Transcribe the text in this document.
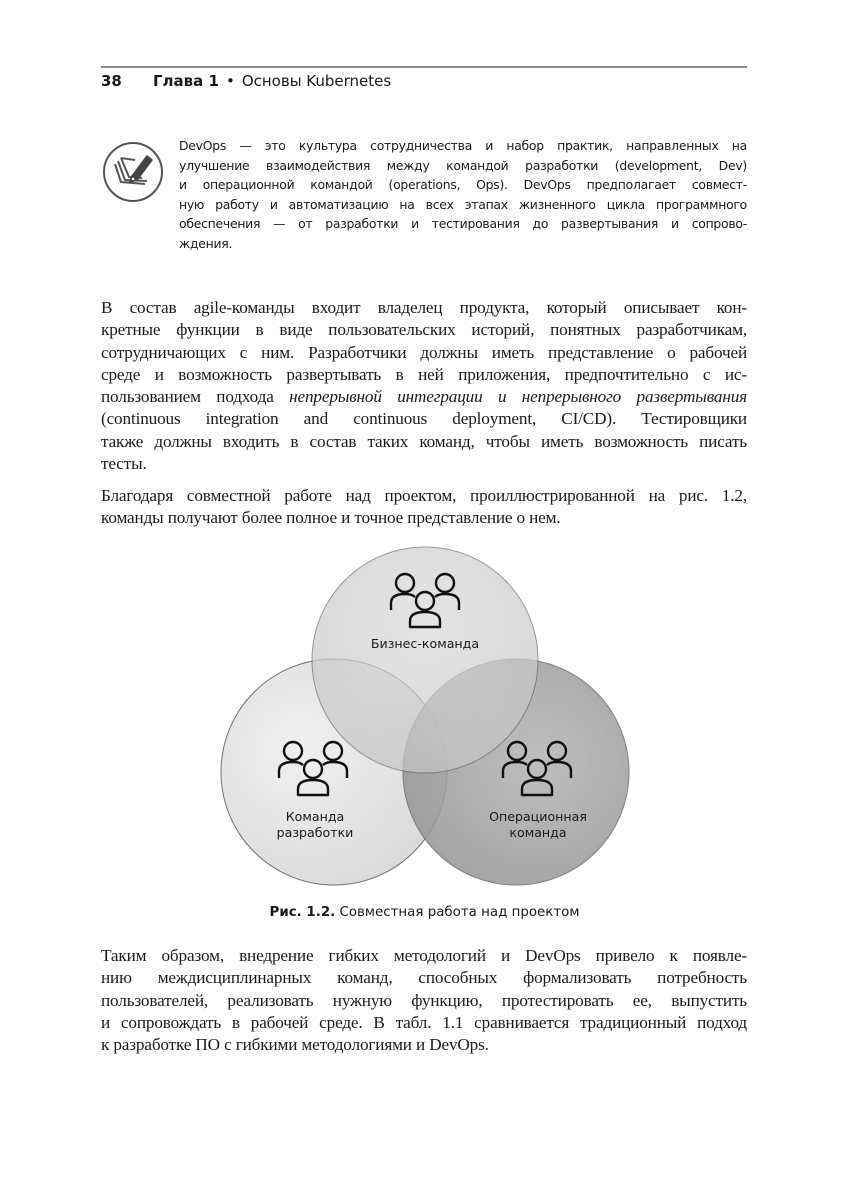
38 Глава 1 • Основы Kubernetes
DevOps — это культура сотрудничества и набор практик, направленных на
улучшение взаимодействия между командой разработки (development, Dev)
и операционной командой (operations, Ops). DevOps предполагает совмест-
ную работу и автоматизацию на всех этапах жизненного цикла программного
обеспечения — от разработки и тестирования до развертывания и сопрово-
ждения.
В состав agile-команды входит владелец продукта, который описывает кон-
кретные функции в виде пользовательских историй, понятных разработчикам,
сотрудничающих с ним. Разработчики должны иметь представление о рабочей
среде и возможность развертывать в ней приложения, предпочтительно с ис-
пользованием подхода непрерывной интеграции и непрерывного развертывания
(continuous integration and continuous deployment, CI/CD). Тестировщики
также должны входить в состав таких команд, чтобы иметь возможность писать
тесты.
Благодаря совместной работе над проектом, проиллюстрированной на рис. 1.2,
команды получают более полное и точное представление о нем.
Бизнес-команда
Команда
разработки
Операционная
команда
Рис. 1.2. Совместная работа над проектом
Таким образом, внедрение гибких методологий и DevOps привело к появле-
нию междисциплинарных команд, способных формализовать потребность
пользователей, реализовать нужную функцию, протестировать ее, выпустить
и сопровождать в рабочей среде. В табл. 1.1 сравнивается традиционный подход
к разработке ПО с гибкими методологиями и DevOps.
